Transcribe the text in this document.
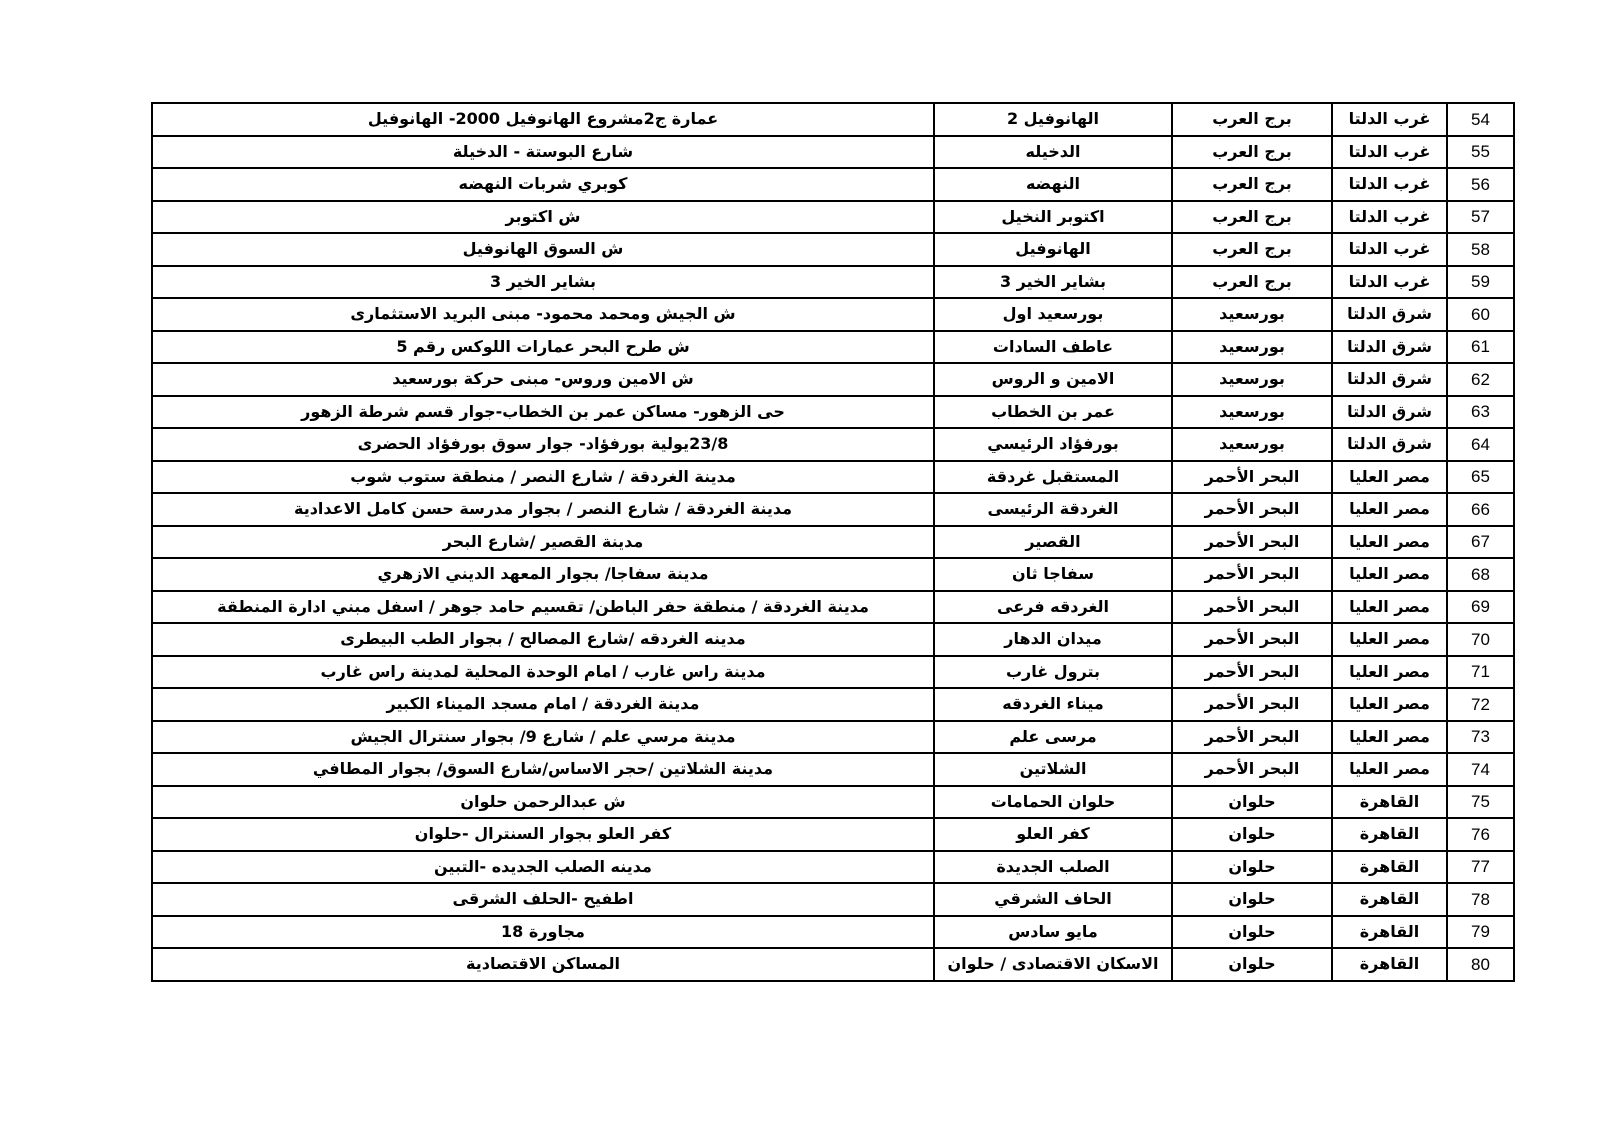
54	غرب الدلتا	برج العرب	الهانوفيل 2	عمارة ج2مشروع الهانوفيل 2000- الهانوفيل
55	غرب الدلتا	برج العرب	الدخيله	شارع البوستة - الدخيلة
56	غرب الدلتا	برج العرب	النهضه	كوبري شربات النهضه
57	غرب الدلتا	برج العرب	اكتوبر النخيل	ش اكتوبر
58	غرب الدلتا	برج العرب	الهانوفيل	ش السوق الهانوفيل
59	غرب الدلتا	برج العرب	بشاير الخير 3	بشاير الخير 3
60	شرق الدلتا	بورسعيد	بورسعيد اول	ش الجيش ومحمد محمود- مبنى البريد الاستثمارى
61	شرق الدلتا	بورسعيد	عاطف السادات	ش طرح البحر عمارات اللوكس رقم 5
62	شرق الدلتا	بورسعيد	الامين و الروس	ش الامين وروس- مبنى حركة بورسعيد
63	شرق الدلتا	بورسعيد	عمر بن الخطاب	حى الزهور- مساكن عمر بن الخطاب-جوار قسم شرطة الزهور
64	شرق الدلتا	بورسعيد	بورفؤاد الرئيسي	23/8يولية بورفؤاد- جوار سوق بورفؤاد الحضرى
65	مصر العليا	البحر الأحمر	المستقبل غردقة	مدينة الغردقة / شارع النصر / منطقة ستوب شوب
66	مصر العليا	البحر الأحمر	الغردقة الرئيسى	مدينة الغردقة / شارع النصر / بجوار مدرسة حسن كامل الاعدادية
67	مصر العليا	البحر الأحمر	القصير	مدينة القصير /شارع البحر
68	مصر العليا	البحر الأحمر	سفاجا ثان	مدينة سفاجا/ بجوار المعهد الديني الازهري
69	مصر العليا	البحر الأحمر	الغردقه فرعى	مدينة الغردقة / منطقة حفر الباطن/ تقسيم حامد جوهر / اسفل مبني ادارة المنطقة
70	مصر العليا	البحر الأحمر	ميدان الدهار	مدينه الغردقه /شارع المصالح / بجوار الطب البيطرى
71	مصر العليا	البحر الأحمر	بترول غارب	مدينة راس غارب / امام الوحدة المحلية لمدينة راس غارب
72	مصر العليا	البحر الأحمر	ميناء الغردقه	مدينة الغردقة / امام مسجد الميناء الكبير
73	مصر العليا	البحر الأحمر	مرسى علم	مدينة مرسي علم / شارع 9/ بجوار سنترال الجيش
74	مصر العليا	البحر الأحمر	الشلاتين	مدينة الشلاتين /حجر الاساس/شارع السوق/ بجوار المطافي
75	القاهرة	حلوان	حلوان الحمامات	ش عبدالرحمن حلوان
76	القاهرة	حلوان	كفر العلو	كفر العلو بجوار السنترال -حلوان
77	القاهرة	حلوان	الصلب الجديدة	مدينه الصلب الجديده -التبين
78	القاهرة	حلوان	الحاف الشرقي	اطفيح -الحلف الشرقى
79	القاهرة	حلوان	مايو سادس	مجاورة 18
80	القاهرة	حلوان	الاسكان الاقتصادى / حلوان	المساكن الاقتصادية
